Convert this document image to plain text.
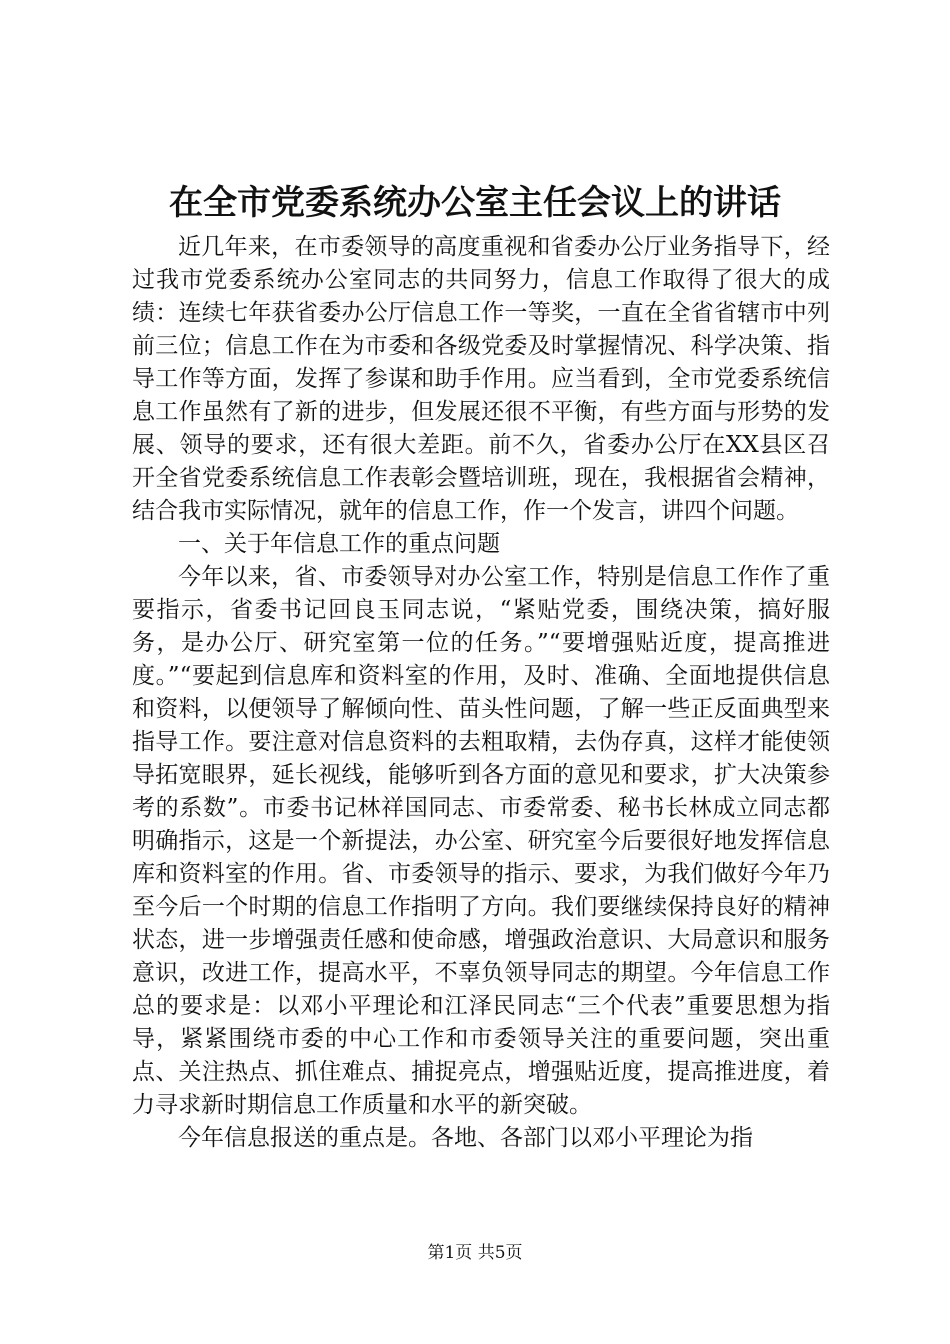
在全市党委系统办公室主任会议上的讲话

近几年来，在市委领导的高度重视和省委办公厅业务指导下，经过我市党委系统办公室同志的共同努力，信息工作取得了很大的成绩：连续七年获省委办公厅信息工作一等奖，一直在全省省辖市中列前三位；信息工作在为市委和各级党委及时掌握情况、科学决策、指导工作等方面，发挥了参谋和助手作用。应当看到，全市党委系统信息工作虽然有了新的进步，但发展还很不平衡，有些方面与形势的发展、领导的要求，还有很大差距。前不久，省委办公厅在XX县区召开全省党委系统信息工作表彰会暨培训班，现在，我根据省会精神，结合我市实际情况，就年的信息工作，作一个发言，讲四个问题。

一、关于年信息工作的重点问题

今年以来，省、市委领导对办公室工作，特别是信息工作作了重要指示，省委书记回良玉同志说，“紧贴党委，围绕决策，搞好服务，是办公厅、研究室第一位的任务。”“要增强贴近度，提高推进度。”“要起到信息库和资料室的作用，及时、准确、全面地提供信息和资料，以便领导了解倾向性、苗头性问题，了解一些正反面典型来指导工作。要注意对信息资料的去粗取精，去伪存真，这样才能使领导拓宽眼界，延长视线，能够听到各方面的意见和要求，扩大决策参考的系数”。市委书记林祥国同志、市委常委、秘书长林成立同志都明确指示，这是一个新提法，办公室、研究室今后要很好地发挥信息库和资料室的作用。省、市委领导的指示、要求，为我们做好今年乃至今后一个时期的信息工作指明了方向。我们要继续保持良好的精神状态，进一步增强责任感和使命感，增强政治意识、大局意识和服务意识，改进工作，提高水平，不辜负领导同志的期望。今年信息工作总的要求是：以邓小平理论和江泽民同志“三个代表”重要思想为指导，紧紧围绕市委的中心工作和市委领导关注的重要问题，突出重点、关注热点、抓住难点、捕捉亮点，增强贴近度，提高推进度，着力寻求新时期信息工作质量和水平的新突破。

今年信息报送的重点是。各地、各部门以邓小平理论为指

第1页 共5页
